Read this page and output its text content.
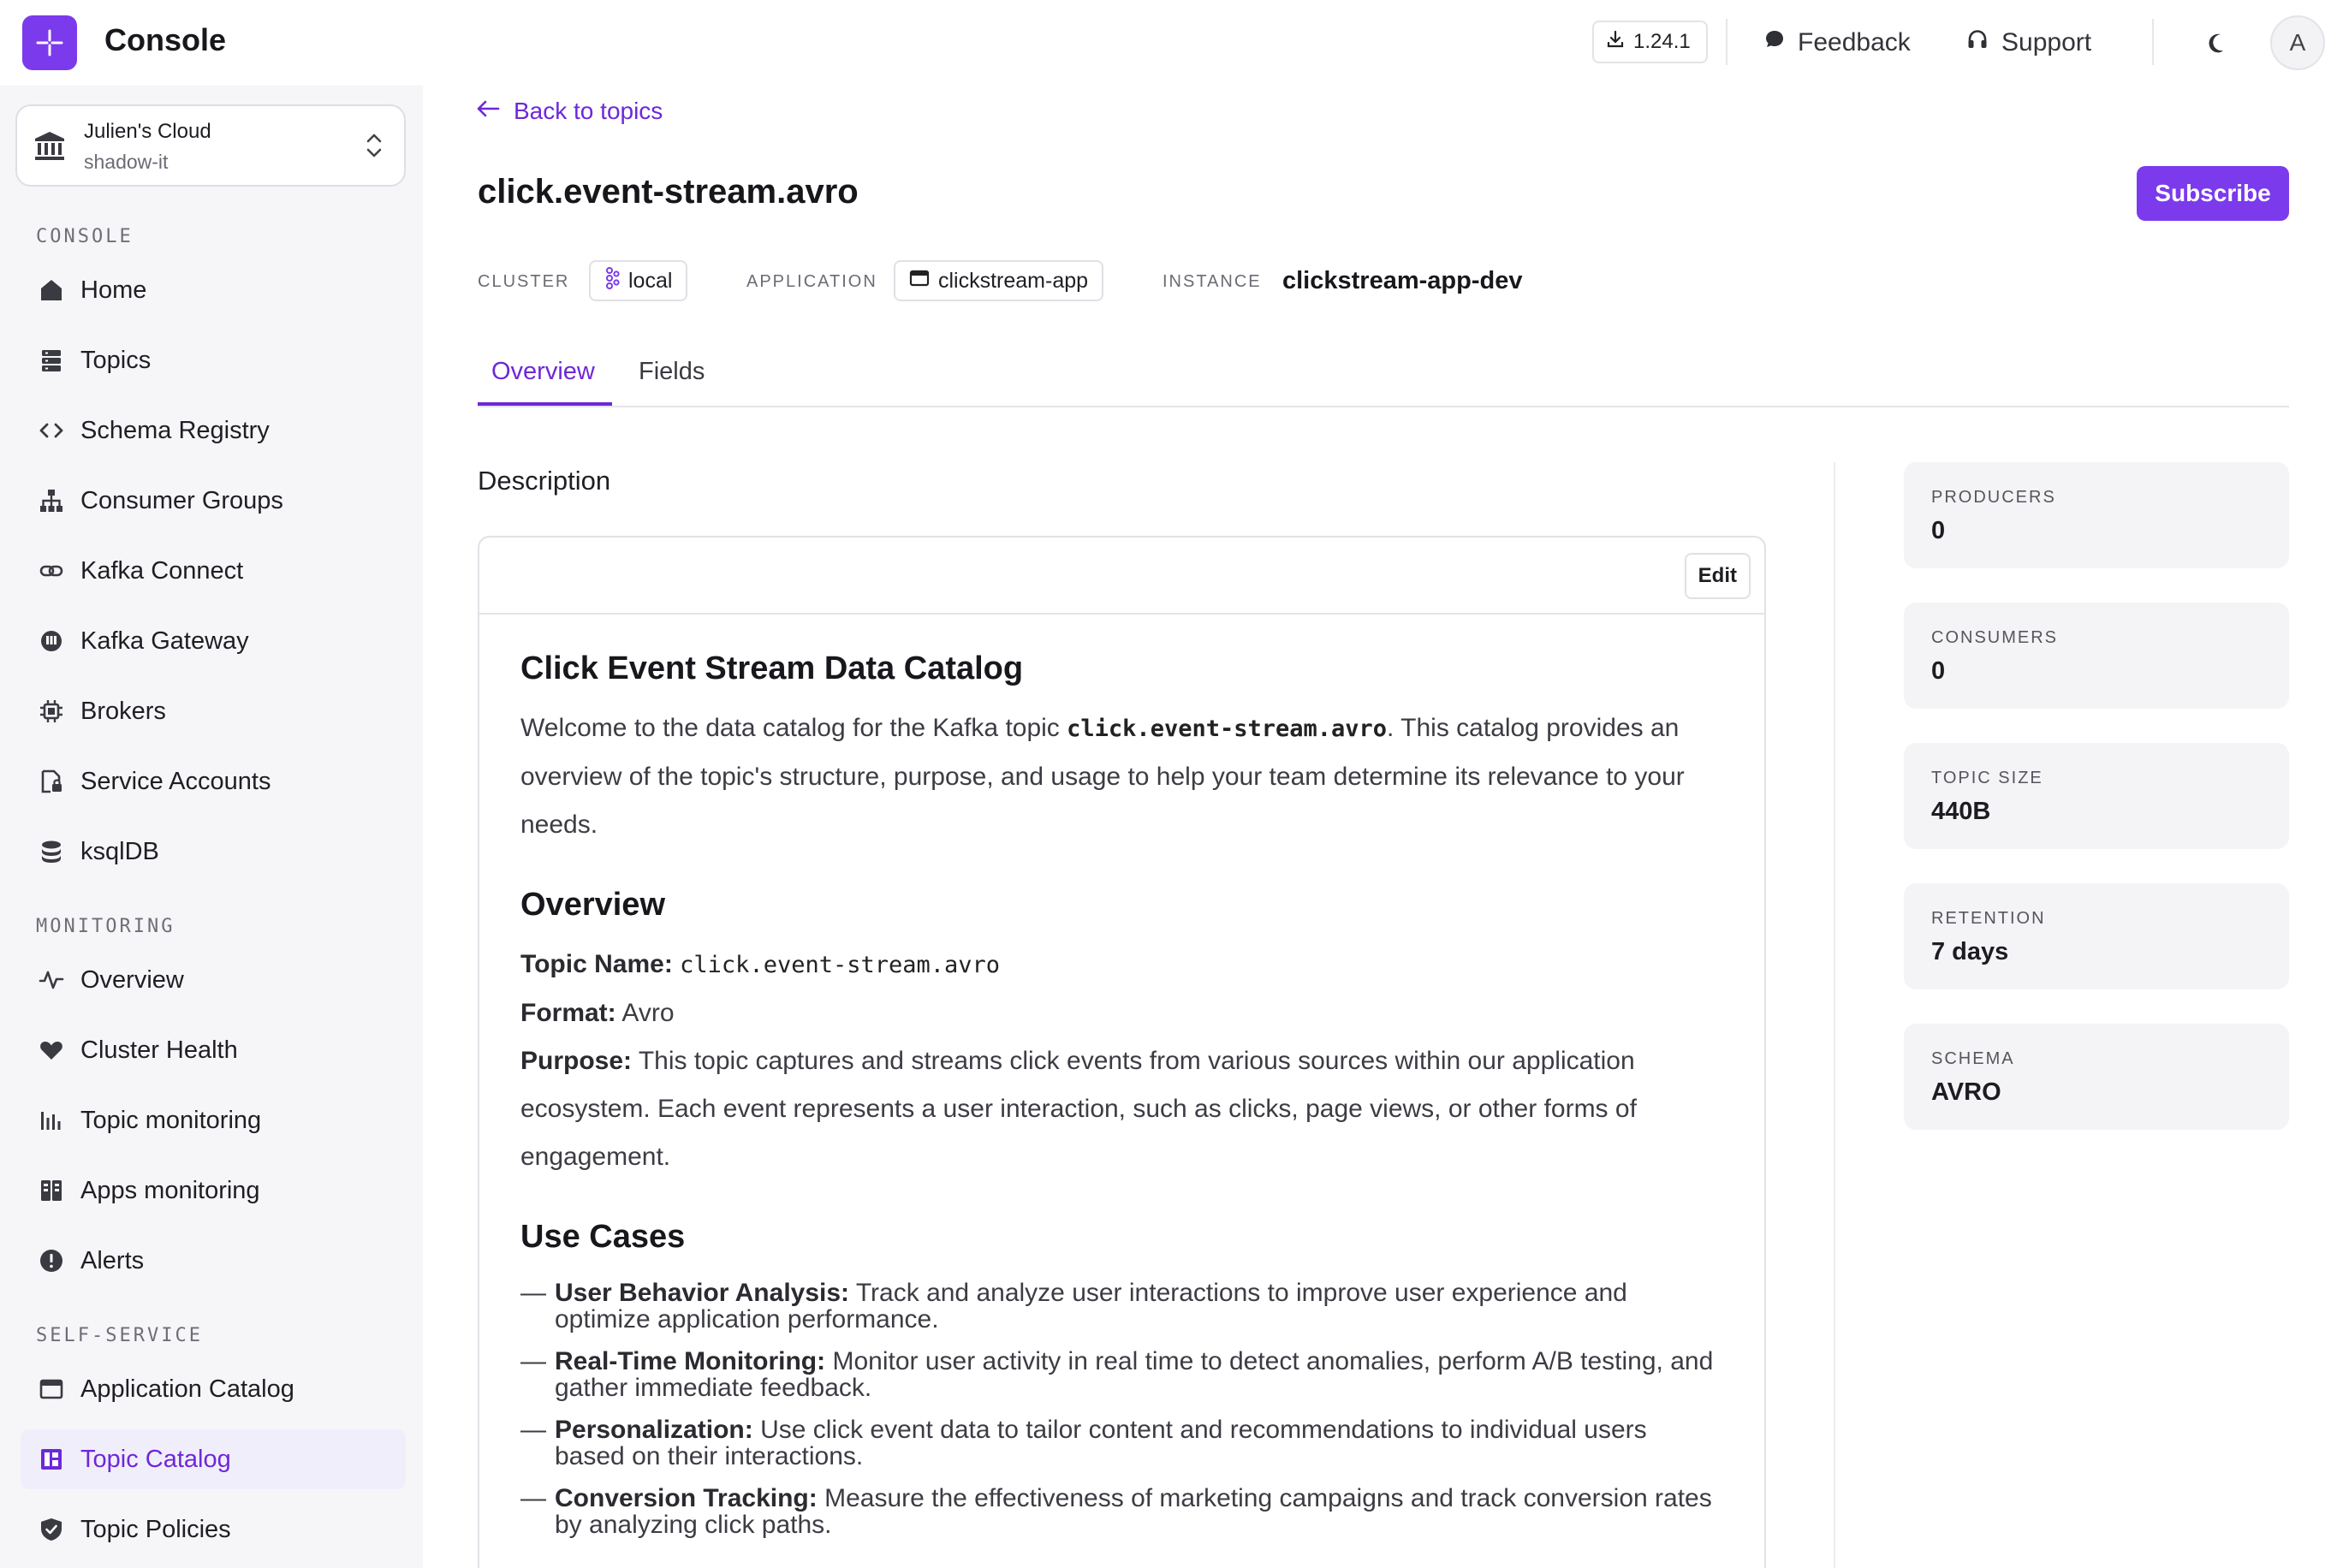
Console	1.24.1	Feedback	Support	A
Julien's Cloud
shadow-it
CONSOLE
Home
Topics
Schema Registry
Consumer Groups
Kafka Connect
Kafka Gateway
Brokers
Service Accounts
ksqlDB
MONITORING
Overview
Cluster Health
Topic monitoring
Apps monitoring
Alerts
SELF-SERVICE
Application Catalog
Topic Catalog
Topic Policies
Back to topics
click.event-stream.avro	Subscribe
CLUSTER	local	APPLICATION	clickstream-app	INSTANCE clickstream-app-dev
Overview Fields
Description
Edit
Click Event Stream Data Catalog

Welcome to the data catalog for the Kafka topic click.event-stream.avro. This catalog provides an overview of the topic's structure, purpose, and usage to help your team determine its relevance to your needs.

Overview

Topic Name: click.event-stream.avro

Format: Avro

Purpose: This topic captures and streams click events from various sources within our application ecosystem. Each event represents a user interaction, such as clicks, page views, or other forms of engagement.

Use Cases
— User Behavior Analysis: Track and analyze user interactions to improve user experience and optimize application performance.
— Real-Time Monitoring: Monitor user activity in real time to detect anomalies, perform A/B testing, and gather immediate feedback.
— Personalization: Use click event data to tailor content and recommendations to individual users based on their interactions.
— Conversion Tracking: Measure the effectiveness of marketing campaigns and track conversion rates by analyzing click paths.
PRODUCERS
0
CONSUMERS
0
TOPIC SIZE
440B
RETENTION
7 days
SCHEMA
AVRO
